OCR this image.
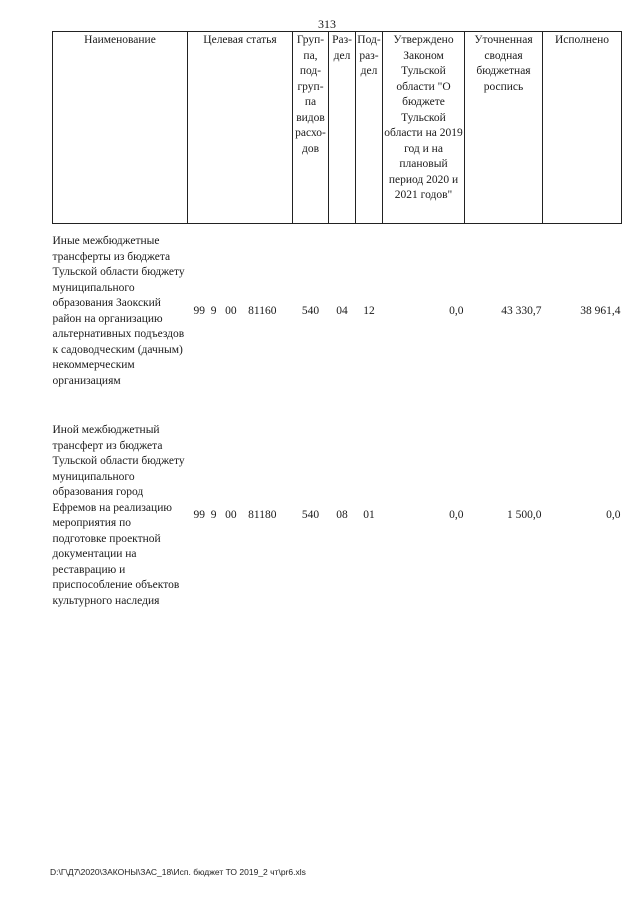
313
Наименование	Целевая статья	Груп-па, под-груп-па видов расхо-дов	Раз-дел	Под-раз-дел	Утверждено Законом Тульской области "О бюджете Тульской области на 2019 год и на плановый период 2020 и 2021 годов"	Уточненная сводная бюджетная роспись	Исполнено
Иные межбюджетные трансферты из бюджета Тульской области бюджету муниципального образования Заокский район на организацию альтернативных подъездов к садоводческим (дачным) некоммерческим организациям	99 9 00 81160	540	04	12	0,0	43 330,7	38 961,4

Иной межбюджетный трансферт из бюджета Тульской области бюджету муниципального образования город Ефремов на реализацию мероприятия по подготовке проектной документации на реставрацию и приспособление объектов культурного наследия	99 9 00 81180	540	08	01	0,0	1 500,0	0,0
D:\Г\Д7\2020\ЗАКОНЫ\ЗАС_18\Исп. бюджет ТО 2019_2 чт\pr6.xls
